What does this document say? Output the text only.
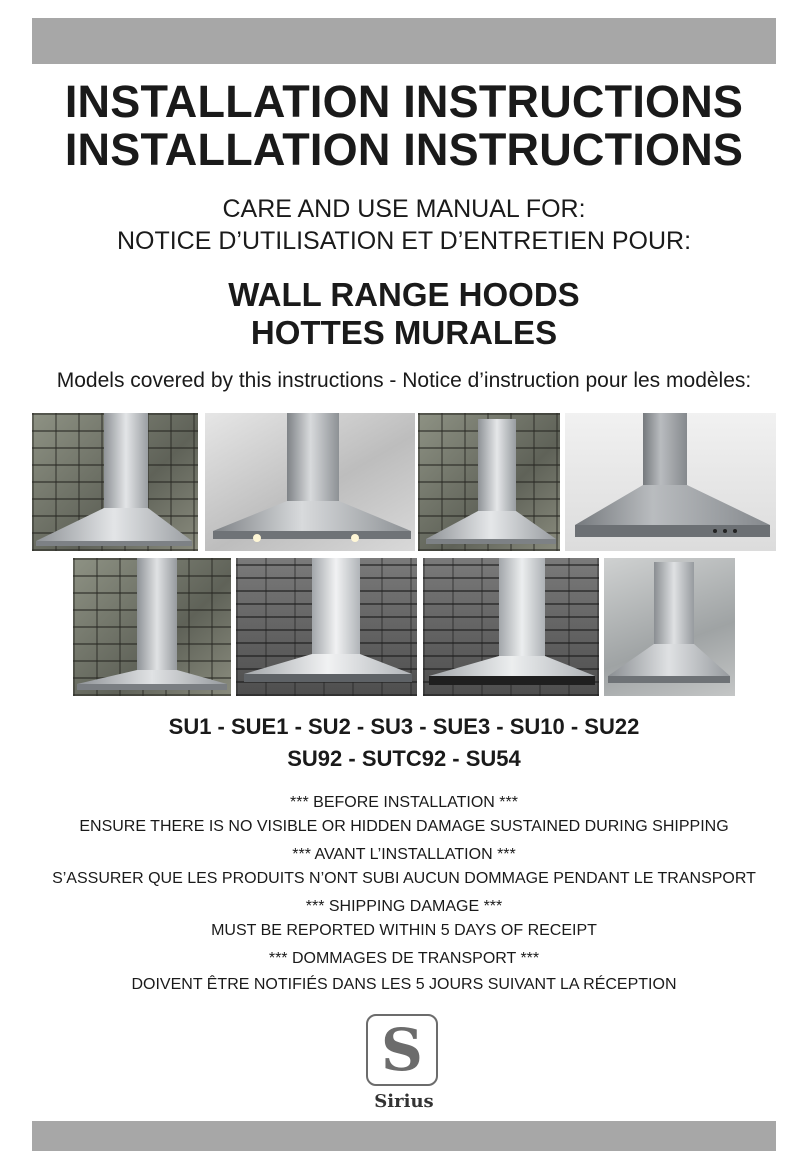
INSTALLATION INSTRUCTIONS
INSTALLATION INSTRUCTIONS
CARE AND USE MANUAL FOR:
NOTICE D’UTILISATION ET D’ENTRETIEN POUR:
WALL RANGE HOODS
HOTTES MURALES
Models covered by this instructions - Notice d’instruction pour les modèles:
SU1 - SUE1 - SU2 - SU3 - SUE3 - SU10 - SU22
SU92 - SUTC92 - SU54
*** BEFORE INSTALLATION ***
ENSURE THERE IS NO VISIBLE OR HIDDEN DAMAGE SUSTAINED DURING SHIPPING
*** AVANT L’INSTALLATION ***
S’ASSURER QUE LES PRODUITS N’ONT SUBI AUCUN DOMMAGE PENDANT LE TRANSPORT
*** SHIPPING DAMAGE ***
MUST BE REPORTED WITHIN 5 DAYS OF RECEIPT
*** DOMMAGES DE TRANSPORT ***
DOIVENT ÊTRE NOTIFIÉS DANS LES 5 JOURS SUIVANT LA RÉCEPTION
S
Sirius
